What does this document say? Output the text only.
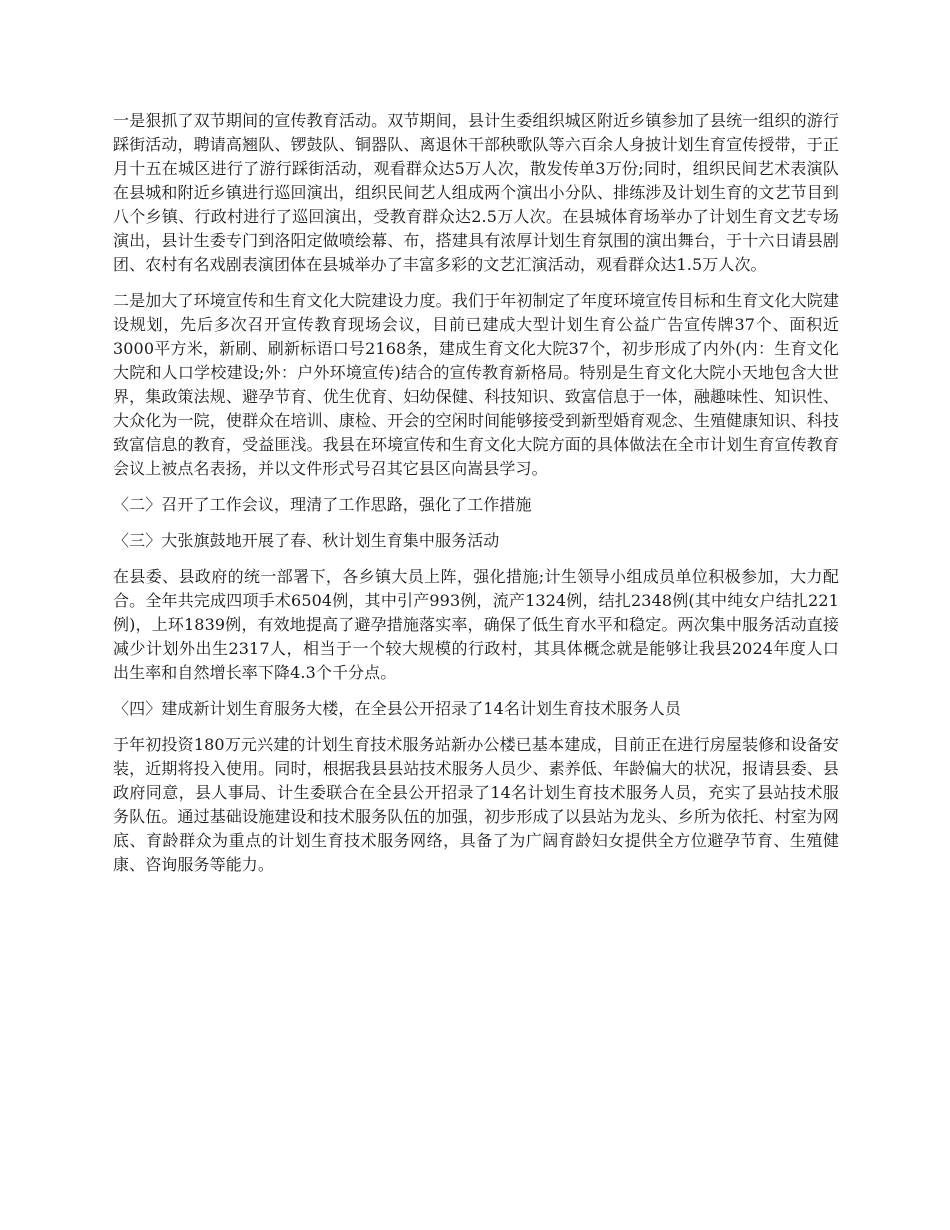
一是狠抓了双节期间的宣传教育活动。双节期间，县计生委组织城区附近乡镇参加了县统一组织的游行踩街活动，聘请高翘队、锣鼓队、铜器队、离退休干部秧歌队等六百余人身披计划生育宣传授带，于正月十五在城区进行了游行踩街活动，观看群众达5万人次，散发传单3万份;同时，组织民间艺术表演队在县城和附近乡镇进行巡回演出，组织民间艺人组成两个演出小分队、排练涉及计划生育的文艺节目到八个乡镇、行政村进行了巡回演出，受教育群众达2.5万人次。在县城体育场举办了计划生育文艺专场演出，县计生委专门到洛阳定做喷绘幕、布，搭建具有浓厚计划生育氛围的演出舞台，于十六日请县剧团、农村有名戏剧表演团体在县城举办了丰富多彩的文艺汇演活动，观看群众达1.5万人次。

二是加大了环境宣传和生育文化大院建设力度。我们于年初制定了年度环境宣传目标和生育文化大院建设规划，先后多次召开宣传教育现场会议，目前已建成大型计划生育公益广告宣传牌37个、面积近3000平方米，新刷、刷新标语口号2168条，建成生育文化大院37个，初步形成了内外(内：生育文化大院和人口学校建设;外：户外环境宣传)结合的宣传教育新格局。特别是生育文化大院小天地包含大世界，集政策法规、避孕节育、优生优育、妇幼保健、科技知识、致富信息于一体，融趣味性、知识性、大众化为一院，使群众在培训、康检、开会的空闲时间能够接受到新型婚育观念、生殖健康知识、科技致富信息的教育，受益匪浅。我县在环境宣传和生育文化大院方面的具体做法在全市计划生育宣传教育会议上被点名表扬，并以文件形式号召其它县区向嵩县学习。

〈二〉召开了工作会议，理清了工作思路，强化了工作措施

〈三〉大张旗鼓地开展了春、秋计划生育集中服务活动

在县委、县政府的统一部署下，各乡镇大员上阵，强化措施;计生领导小组成员单位积极参加，大力配合。全年共完成四项手术6504例，其中引产993例，流产1324例，结扎2348例(其中纯女户结扎221例)，上环1839例，有效地提高了避孕措施落实率，确保了低生育水平和稳定。两次集中服务活动直接减少计划外出生2317人，相当于一个较大规模的行政村，其具体概念就是能够让我县2024年度人口出生率和自然增长率下降4.3个千分点。

〈四〉建成新计划生育服务大楼，在全县公开招录了14名计划生育技术服务人员

于年初投资180万元兴建的计划生育技术服务站新办公楼已基本建成，目前正在进行房屋装修和设备安装，近期将投入使用。同时，根据我县县站技术服务人员少、素养低、年龄偏大的状况，报请县委、县政府同意，县人事局、计生委联合在全县公开招录了14名计划生育技术服务人员，充实了县站技术服务队伍。通过基础设施建设和技术服务队伍的加强，初步形成了以县站为龙头、乡所为依托、村室为网底、育龄群众为重点的计划生育技术服务网络，具备了为广阔育龄妇女提供全方位避孕节育、生殖健康、咨询服务等能力。
